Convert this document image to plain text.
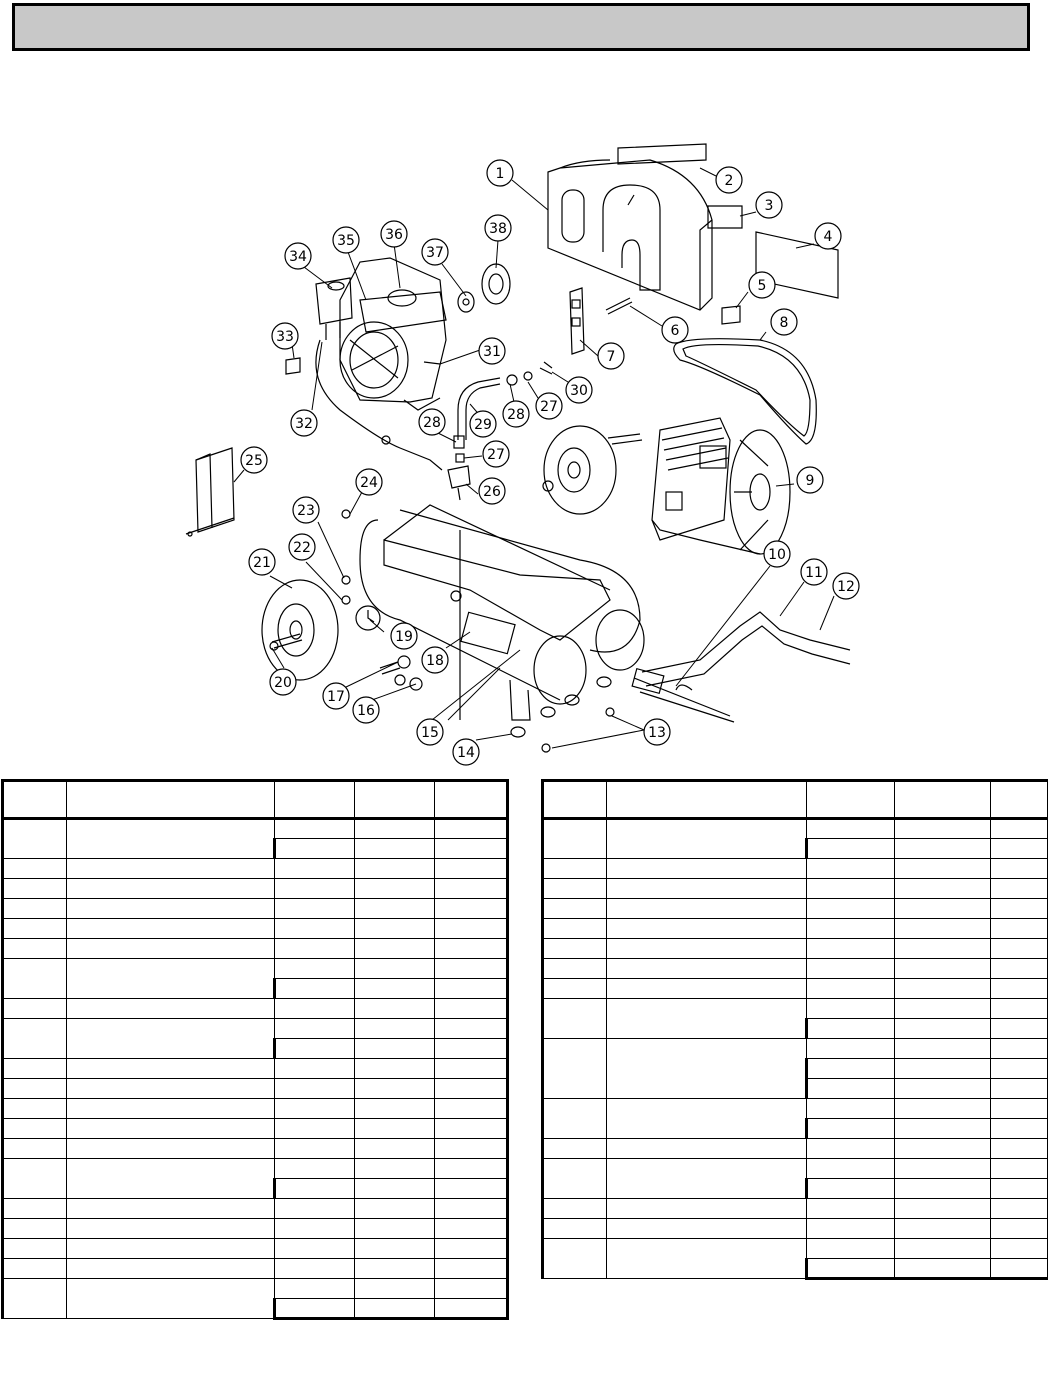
1	2
3
4
5
6
7
8
9
10
11
12
13
14
15
16
17
18
19
20
21
22
23
24
25
26
27
27
28	28
29
30
31
32
33
34
35 36
37
38
